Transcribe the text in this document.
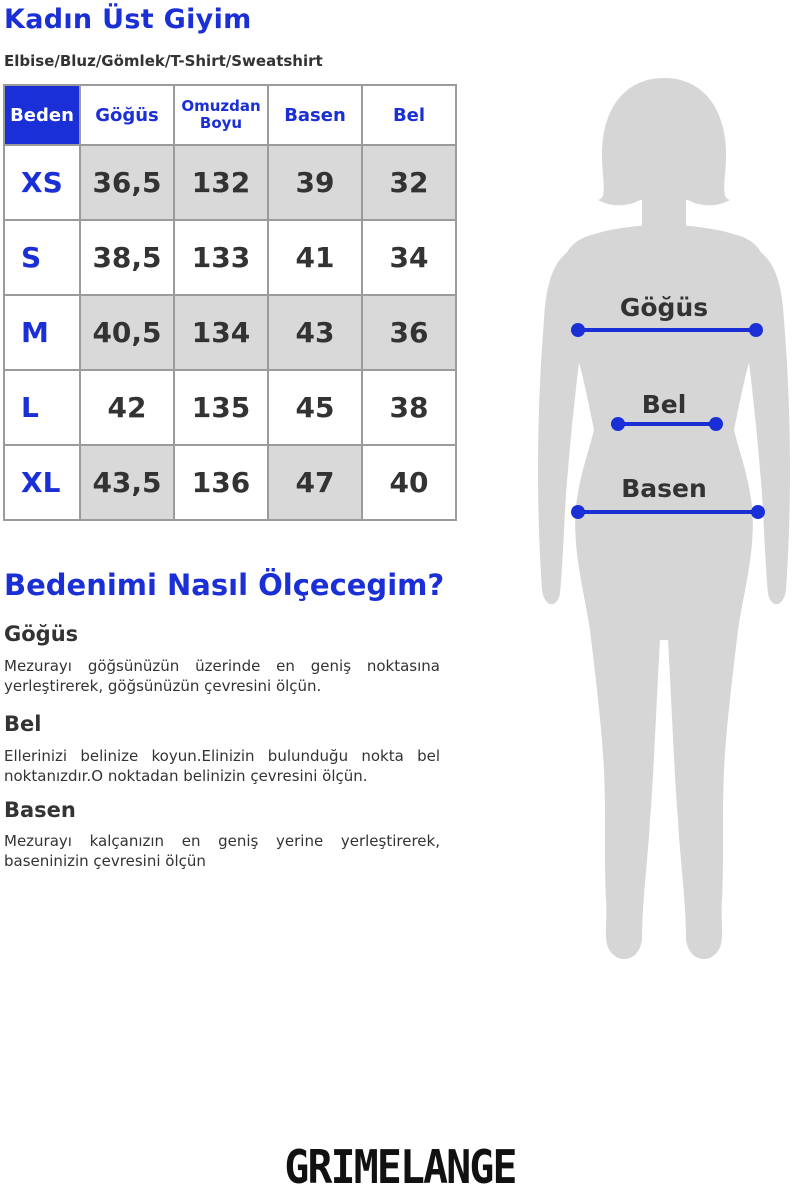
Kadın Üst Giyim

Elbise/Bluz/Gömlek/T-Shirt/Sweatshirt

Beden	Göğüs	Omuzdan Boyu	Basen	Bel
XS	36,5	132	39	32
S	38,5	133	41	34
M	40,5	134	43	36
L	42	135	45	38
XL	43,5	136	47	40
Bedenimi Nasıl Ölçecegim?
Göğüs

Mezurayı göğsünüzün üzerinde en geniş noktasına yerleştirerek, göğsünüzün çevresini ölçün.

Bel

Ellerinizi belinize koyun.Elinizin bulunduğu nokta bel noktanızdır.O noktadan belinizin çevresini ölçün.

Basen

Mezurayı kalçanızın en geniş yerine yerleştirerek, baseninizin çevresini ölçün

Göğüs
Bel
Basen
GRIMELANGE
